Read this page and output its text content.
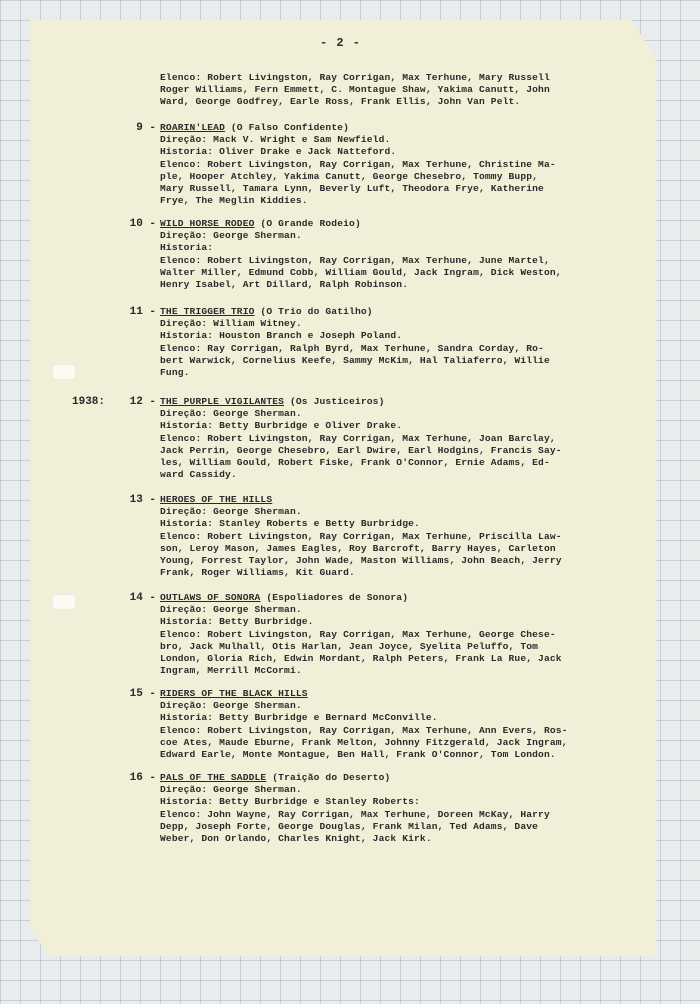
- 2 -
Elenco: Robert Livingston, Ray Corrigan, Max Terhune, Mary Russell
Roger Williams, Fern Emmett, C. Montague Shaw, Yakima Canutt, John
Ward, George Godfrey, Earle Ross, Frank Ellis, John Van Pelt.
9 - ROARIN'LEAD (O Falso Confidente)
Direção: Mack V. Wright e Sam Newfield.
Historia: Oliver Drake e Jack Natteford.
Elenco: Robert Livingston, Ray Corrigan, Max Terhune, Christine Ma-
ple, Hooper Atchley, Yakima Canutt, George Chesebro, Tommy Bupp,
Mary Russell, Tamara Lynn, Beverly Luft, Theodora Frye, Katherine
Frye, The Meglin Kiddies.
10 - WILD HORSE RODEO (O Grande Rodeio)
Direção: George Sherman.
Historia:
Elenco: Robert Livingston, Ray Corrigan, Max Terhune, June Martel,
Walter Miller, Edmund Cobb, William Gould, Jack Ingram, Dick Weston,
Henry Isabel, Art Dillard, Ralph Robinson.
11 - THE TRIGGER TRIO (O Trio do Gatilho)
Direção: William Witney.
Historia: Houston Branch e Joseph Poland.
Elenco: Ray Corrigan, Ralph Byrd, Max Terhune, Sandra Corday, Ro-
bert Warwick, Cornelius Keefe, Sammy McKim, Hal Taliaferro, Willie
Fung.
1938:	12 - THE PURPLE VIGILANTES (Os Justiceiros)
Direção: George Sherman.
Historia: Betty Burbridge e Oliver Drake.
Elenco: Robert Livingston, Ray Corrigan, Max Terhune, Joan Barclay,
Jack Perrin, George Chesebro, Earl Dwire, Earl Hodgins, Francis Say-
les, William Gould, Robert Fiske, Frank O'Connor, Ernie Adams, Ed-
ward Cassidy.
13 - HEROES OF THE HILLS
Direção: George Sherman.
Historia: Stanley Roberts e Betty Burbridge.
Elenco: Robert Livingston, Ray Corrigan, Max Terhune, Priscilla Law-
son, Leroy Mason, James Eagles, Roy Barcroft, Barry Hayes, Carleton
Young, Forrest Taylor, John Wade, Maston Williams, John Beach, Jerry
Frank, Roger Williams, Kit Guard.
14 - OUTLAWS OF SONORA (Espoliadores de Sonora)
Direção: George Sherman.
Historia: Betty Burbridge.
Elenco: Robert Livingston, Ray Corrigan, Max Terhune, George Chese-
bro, Jack Mulhall, Otis Harlan, Jean Joyce, Syelita Peluffo, Tom
London, Gloria Rich, Edwin Mordant, Ralph Peters, Frank La Rue, Jack
Ingram, Merrill McCormi.
15 - RIDERS OF THE BLACK HILLS
Direção: George Sherman.
Historia: Betty Burbridge e Bernard McConville.
Elenco: Robert Livingston, Ray Corrigan, Max Terhune, Ann Evers, Ros-
coe Ates, Maude Eburne, Frank Melton, Johnny Fitzgerald, Jack Ingram,
Edward Earle, Monte Montague, Ben Hall, Frank O'Connor, Tom London.
16 - PALS OF THE SADDLE (Traição do Deserto)
Direção: George Sherman.
Historia: Betty Burbridge e Stanley Roberts:
Elenco: John Wayne, Ray Corrigan, Max Terhune, Doreen McKay, Harry
Depp, Joseph Forte, George Douglas, Frank Milan, Ted Adams, Dave
Weber, Don Orlando, Charles Knight, Jack Kirk.
